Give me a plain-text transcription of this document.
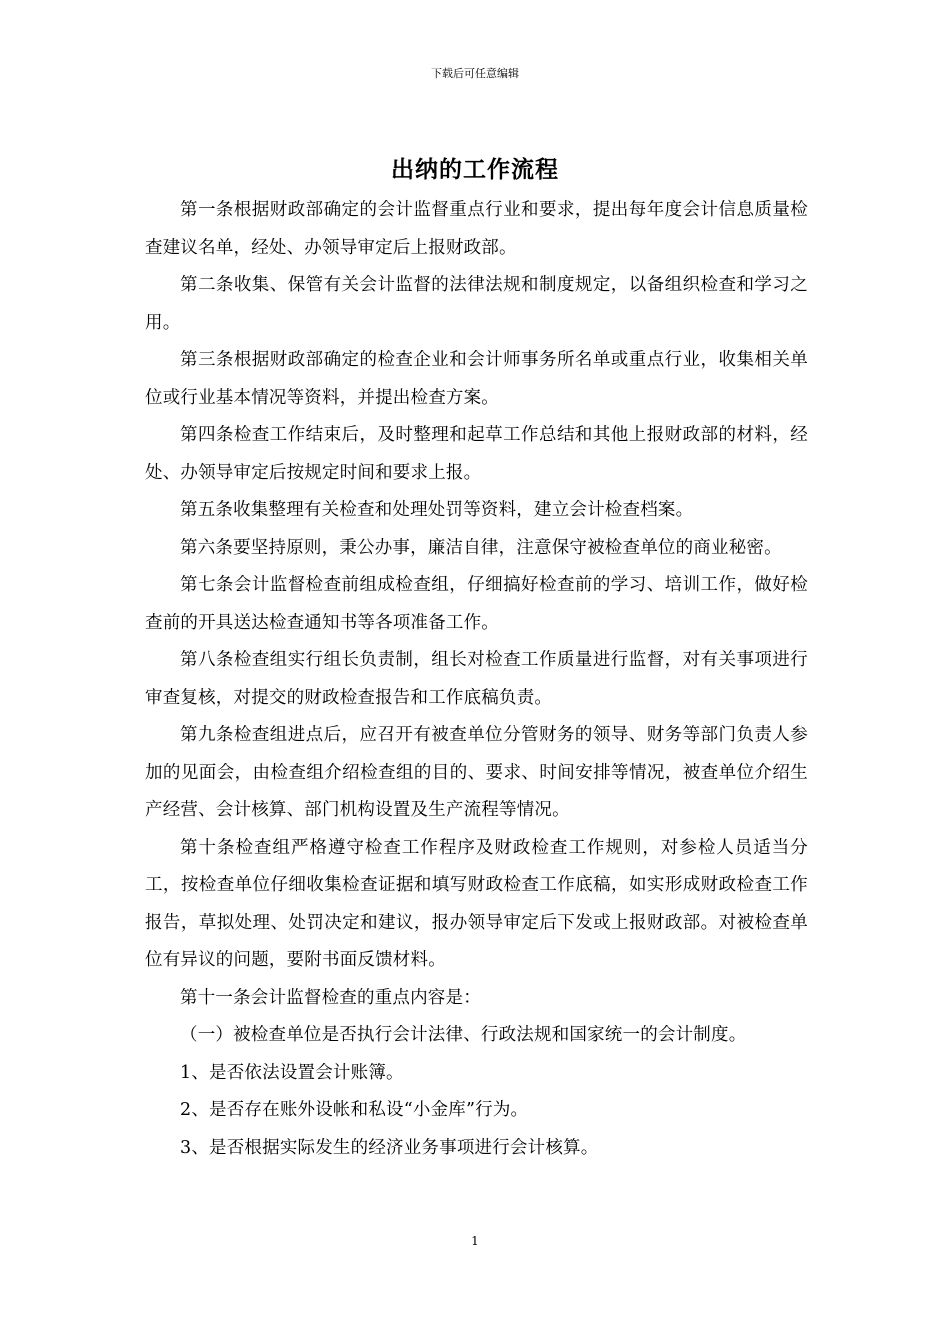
下载后可任意编辑
出纳的工作流程

第一条根据财政部确定的会计监督重点行业和要求，提出每年度会计信息质量检查建议名单，经处、办领导审定后上报财政部。

第二条收集、保管有关会计监督的法律法规和制度规定，以备组织检查和学习之用。

第三条根据财政部确定的检查企业和会计师事务所名单或重点行业，收集相关单位或行业基本情况等资料，并提出检查方案。

第四条检查工作结束后，及时整理和起草工作总结和其他上报财政部的材料，经处、办领导审定后按规定时间和要求上报。

第五条收集整理有关检查和处理处罚等资料，建立会计检查档案。

第六条要坚持原则，秉公办事，廉洁自律，注意保守被检查单位的商业秘密。

第七条会计监督检查前组成检查组，仔细搞好检查前的学习、培训工作，做好检查前的开具送达检查通知书等各项准备工作。

第八条检查组实行组长负责制，组长对检查工作质量进行监督，对有关事项进行审查复核，对提交的财政检查报告和工作底稿负责。

第九条检查组进点后，应召开有被查单位分管财务的领导、财务等部门负责人参加的见面会，由检查组介绍检查组的目的、要求、时间安排等情况，被查单位介绍生产经营、会计核算、部门机构设置及生产流程等情况。

第十条检查组严格遵守检查工作程序及财政检查工作规则，对参检人员适当分工，按检查单位仔细收集检查证据和填写财政检查工作底稿，如实形成财政检查工作报告，草拟处理、处罚决定和建议，报办领导审定后下发或上报财政部。对被检查单位有异议的问题，要附书面反馈材料。

第十一条会计监督检查的重点内容是：

（一）被检查单位是否执行会计法律、行政法规和国家统一的会计制度。

1、是否依法设置会计账簿。

2、是否存在账外设帐和私设“小金库”行为。

3、是否根据实际发生的经济业务事项进行会计核算。

1
